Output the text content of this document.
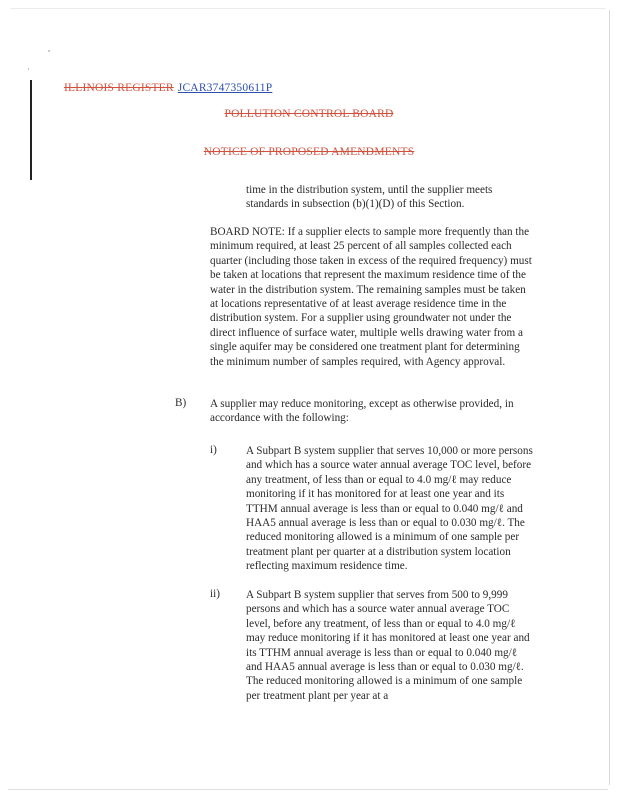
ILLINOIS REGISTER JCAR3747350611P
POLLUTION CONTROL BOARD
NOTICE OF PROPOSED AMENDMENTS

time in the distribution system, until the supplier meets standards in subsection (b)(1)(D) of this Section.

BOARD NOTE: If a supplier elects to sample more frequently than the minimum required, at least 25 percent of all samples collected each quarter (including those taken in excess of the required frequency) must be taken at locations that represent the maximum residence time of the water in the distribution system. The remaining samples must be taken at locations representative of at least average residence time in the distribution system. For a supplier using groundwater not under the direct influence of surface water, multiple wells drawing water from a single aquifer may be considered one treatment plant for determining the minimum number of samples required, with Agency approval.

B) A supplier may reduce monitoring, except as otherwise provided, in accordance with the following:

i)	A Subpart B system supplier that serves 10,000 or more persons and which has a source water annual average TOC level, before any treatment, of less than or equal to 4.0 mg/ℓ may reduce monitoring if it has monitored for at least one year and its TTHM annual average is less than or equal to 0.040 mg/ℓ and HAA5 annual average is less than or equal to 0.030 mg/ℓ. The reduced monitoring allowed is a minimum of one sample per treatment plant per quarter at a distribution system location reflecting maximum residence time.

ii) A Subpart B system supplier that serves from 500 to 9,999 persons and which has a source water annual average TOC level, before any treatment, of less than or equal to 4.0 mg/ℓ may reduce monitoring if it has monitored at least one year and its TTHM annual average is less than or equal to 0.040 mg/ℓ and HAA5 annual average is less than or equal to 0.030 mg/ℓ. The reduced monitoring allowed is a minimum of one sample per treatment plant per year at a
